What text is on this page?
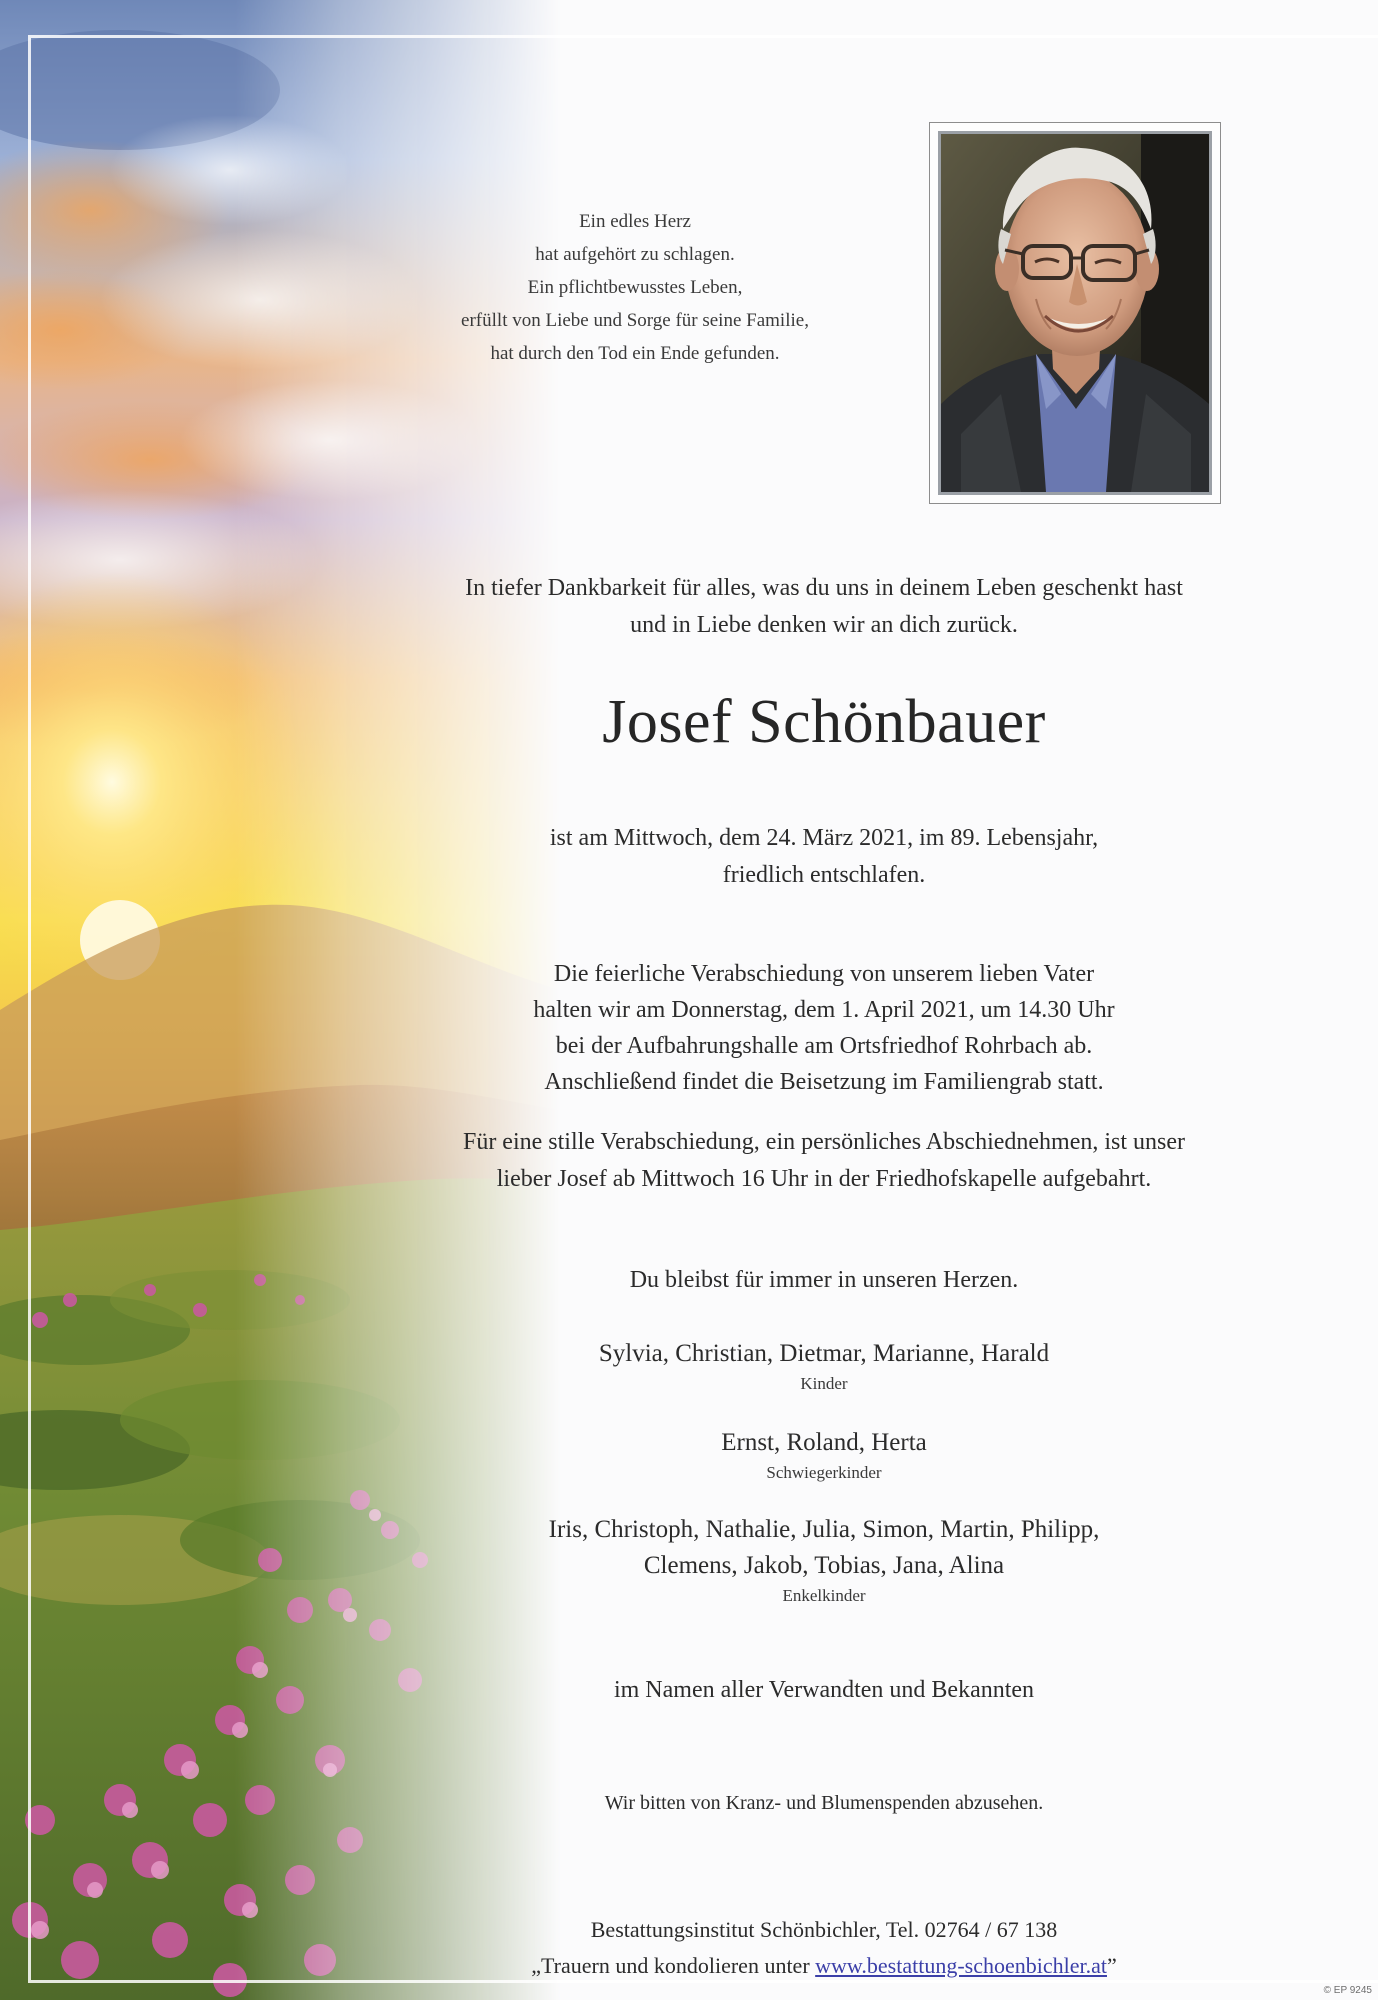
Ein edles Herz
hat aufgehört zu schlagen.
Ein pflichtbewusstes Leben,
erfüllt von Liebe und Sorge für seine Familie,
hat durch den Tod ein Ende gefunden.
In tiefer Dankbarkeit für alles, was du uns in deinem Leben geschenkt hast
und in Liebe denken wir an dich zurück.
Josef Schönbauer
ist am Mittwoch, dem 24. März 2021, im 89. Lebensjahr,
friedlich entschlafen.
Die feierliche Verabschiedung von unserem lieben Vater
halten wir am Donnerstag, dem 1. April 2021, um 14.30 Uhr
bei der Aufbahrungshalle am Ortsfriedhof Rohrbach ab.
Anschließend findet die Beisetzung im Familiengrab statt.
Für eine stille Verabschiedung, ein persönliches Abschiednehmen, ist unser
lieber Josef ab Mittwoch 16 Uhr in der Friedhofskapelle aufgebahrt.
Du bleibst für immer in unseren Herzen.
Sylvia, Christian, Dietmar, Marianne, Harald
Kinder
Ernst, Roland, Herta
Schwiegerkinder
Iris, Christoph, Nathalie, Julia, Simon, Martin, Philipp,
Clemens, Jakob, Tobias, Jana, Alina
Enkelkinder
im Namen aller Verwandten und Bekannten
Wir bitten von Kranz- und Blumenspenden abzusehen.
Bestattungsinstitut Schönbichler, Tel. 02764 / 67 138
„Trauern und kondolieren unter www.bestattung-schoenbichler.at”
© EP 9245
